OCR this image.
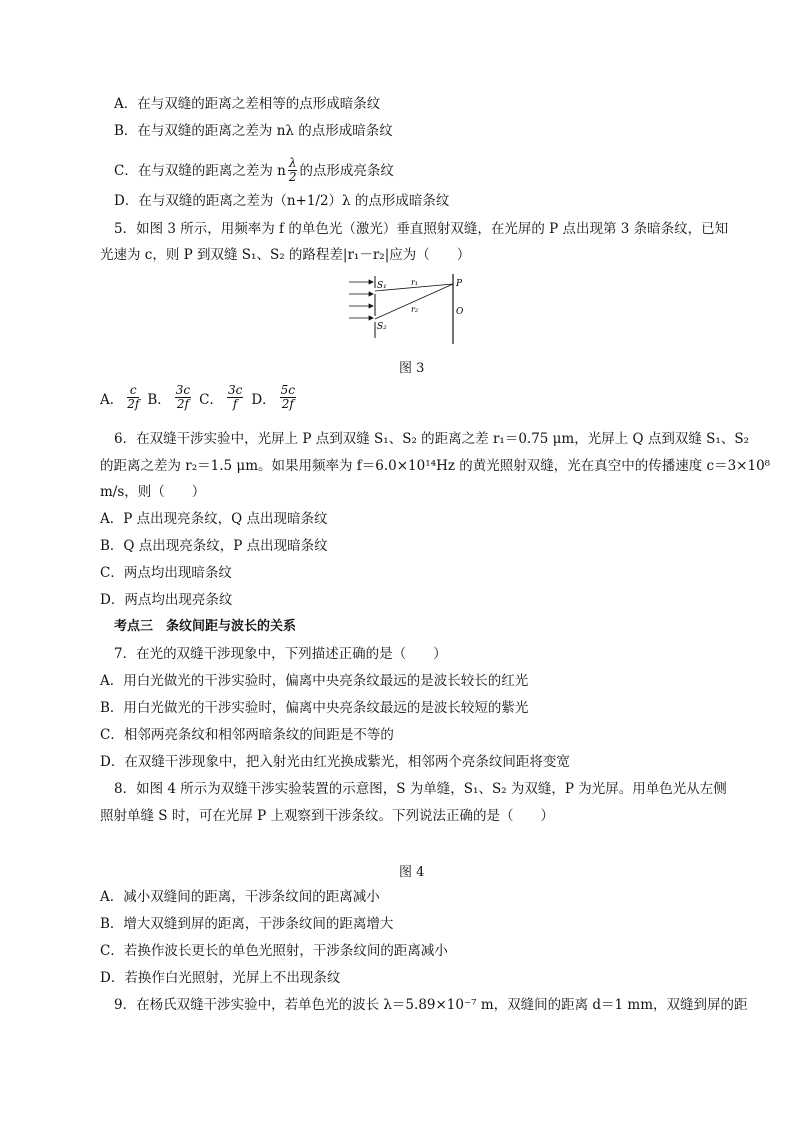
A．在与双缝的距离之差相等的点形成暗条纹
B．在与双缝的距离之差为 nλ 的点形成暗条纹
C．在与双缝的距离之差为 n $\frac{\lambda}{2}$ 的点形成亮条纹
D．在与双缝的距离之差为（n+1/2）λ 的点形成暗条纹
5．如图 3 所示，用频率为 f 的单色光（激光）垂直照射双缝，在光屏的 P 点出现第 3 条暗条纹，已知
光速为 c，则 P 到双缝 S₁、S₂ 的路程差|r₁－r₂|应为（　　）
S₁
S₂
r₁
r₂
P
O
图 3
A． $\frac{c}{2f}$ B． $\frac{3c}{2f}$ C． $\frac{3c}{f}$ D． $\frac{5c}{2f}$
6．在双缝干涉实验中，光屏上 P 点到双缝 S₁、S₂ 的距离之差 r₁＝0.75 μm，光屏上 Q 点到双缝 S₁、S₂
的距离之差为 r₂＝1.5 μm。如果用频率为 f＝6.0×10¹⁴Hz 的黄光照射双缝，光在真空中的传播速度 c＝3×10⁸
m/s，则（　　）
A．P 点出现亮条纹，Q 点出现暗条纹
B．Q 点出现亮条纹，P 点出现暗条纹
C．两点均出现暗条纹
D．两点均出现亮条纹
考点三　条纹间距与波长的关系
7．在光的双缝干涉现象中，下列描述正确的是（　　）
A．用白光做光的干涉实验时，偏离中央亮条纹最远的是波长较长的红光
B．用白光做光的干涉实验时，偏离中央亮条纹最远的是波长较短的紫光
C．相邻两亮条纹和相邻两暗条纹的间距是不等的
D．在双缝干涉现象中，把入射光由红光换成紫光，相邻两个亮条纹间距将变宽
8．如图 4 所示为双缝干涉实验装置的示意图，S 为单缝，S₁、S₂ 为双缝，P 为光屏。用单色光从左侧
照射单缝 S 时，可在光屏 P 上观察到干涉条纹。下列说法正确的是（　　）
图 4
A．减小双缝间的距离，干涉条纹间的距离减小
B．增大双缝到屏的距离，干涉条纹间的距离增大
C．若换作波长更长的单色光照射，干涉条纹间的距离减小
D．若换作白光照射，光屏上不出现条纹
9．在杨氏双缝干涉实验中，若单色光的波长 λ＝5.89×10⁻⁷ m，双缝间的距离 d＝1 mm，双缝到屏的距
